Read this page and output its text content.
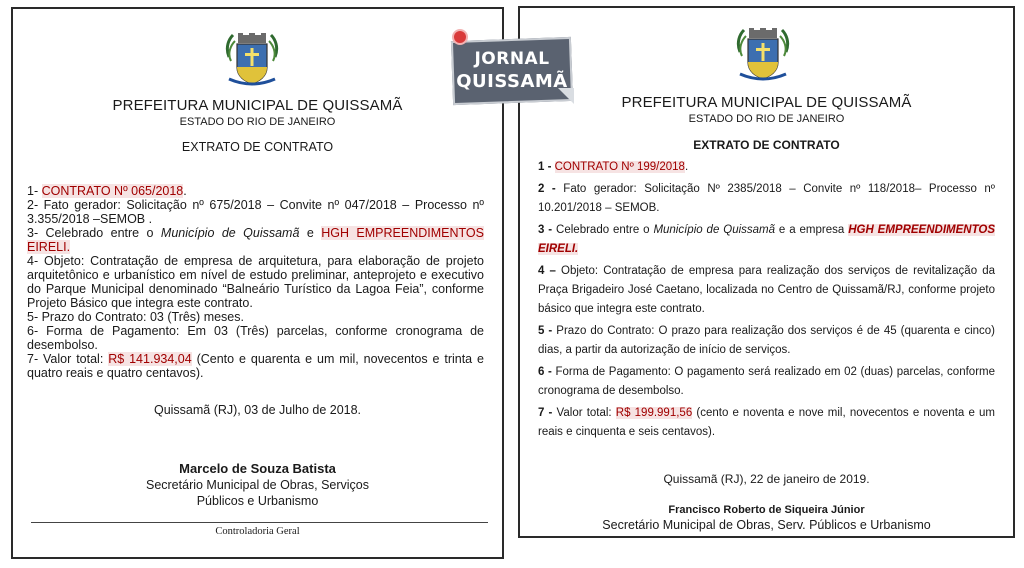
PREFEITURA MUNICIPAL DE QUISSAMÃ
ESTADO DO RIO DE JANEIRO
EXTRATO DE CONTRATO

1- CONTRATO Nº 065/2018.

2- Fato gerador: Solicitação nº 675/2018 – Convite nº 047/2018 – Processo nº 3.355/2018 –SEMOB .

3- Celebrado entre o Município de Quissamã e HGH EMPREENDIMENTOS EIRELI.

4- Objeto: Contratação de empresa de arquitetura, para elaboração de projeto arquitetônico e urbanístico em nível de estudo preliminar, anteprojeto e executivo do Parque Municipal denominado “Balneário Turístico da Lagoa Feia”, conforme Projeto Básico que integra este contrato.

5- Prazo do Contrato: 03 (Três) meses.

6- Forma de Pagamento: Em 03 (Três) parcelas, conforme cronograma de desembolso.

7- Valor total: R$ 141.934,04 (Cento e quarenta e um mil, novecentos e trinta e quatro reais e quatro centavos).

Quissamã (RJ), 03 de Julho de 2018.
Marcelo de Souza Batista
Secretário Municipal de Obras, Serviços
Públicos e Urbanismo
Controladoria Geral
PREFEITURA MUNICIPAL DE QUISSAMÃ
ESTADO DO RIO DE JANEIRO
EXTRATO DE CONTRATO

1 - CONTRATO Nº 199/2018.

2 - Fato gerador: Solicitação Nº 2385/2018 – Convite nº 118/2018– Processo nº 10.201/2018 – SEMOB.

3 - Celebrado entre o Município de Quissamã e a empresa HGH EMPREENDIMENTOS EIRELI.

4 – Objeto: Contratação de empresa para realização dos serviços de revitalização da Praça Brigadeiro José Caetano, localizada no Centro de Quissamã/RJ, conforme projeto básico que integra este contrato.

5 - Prazo do Contrato: O prazo para realização dos serviços é de 45 (quarenta e cinco) dias, a partir da autorização de início de serviços.

6 - Forma de Pagamento: O pagamento será realizado em 02 (duas) parcelas, conforme cronograma de desembolso.

7 - Valor total: R$ 199.991,56 (cento e noventa e nove mil, novecentos e noventa e um reais e cinquenta e seis centavos).

Quissamã (RJ), 22 de janeiro de 2019.
Francisco Roberto de Siqueira Júnior
Secretário Municipal de Obras, Serv. Públicos e Urbanismo
JORNAL
QUISSAMÃ
